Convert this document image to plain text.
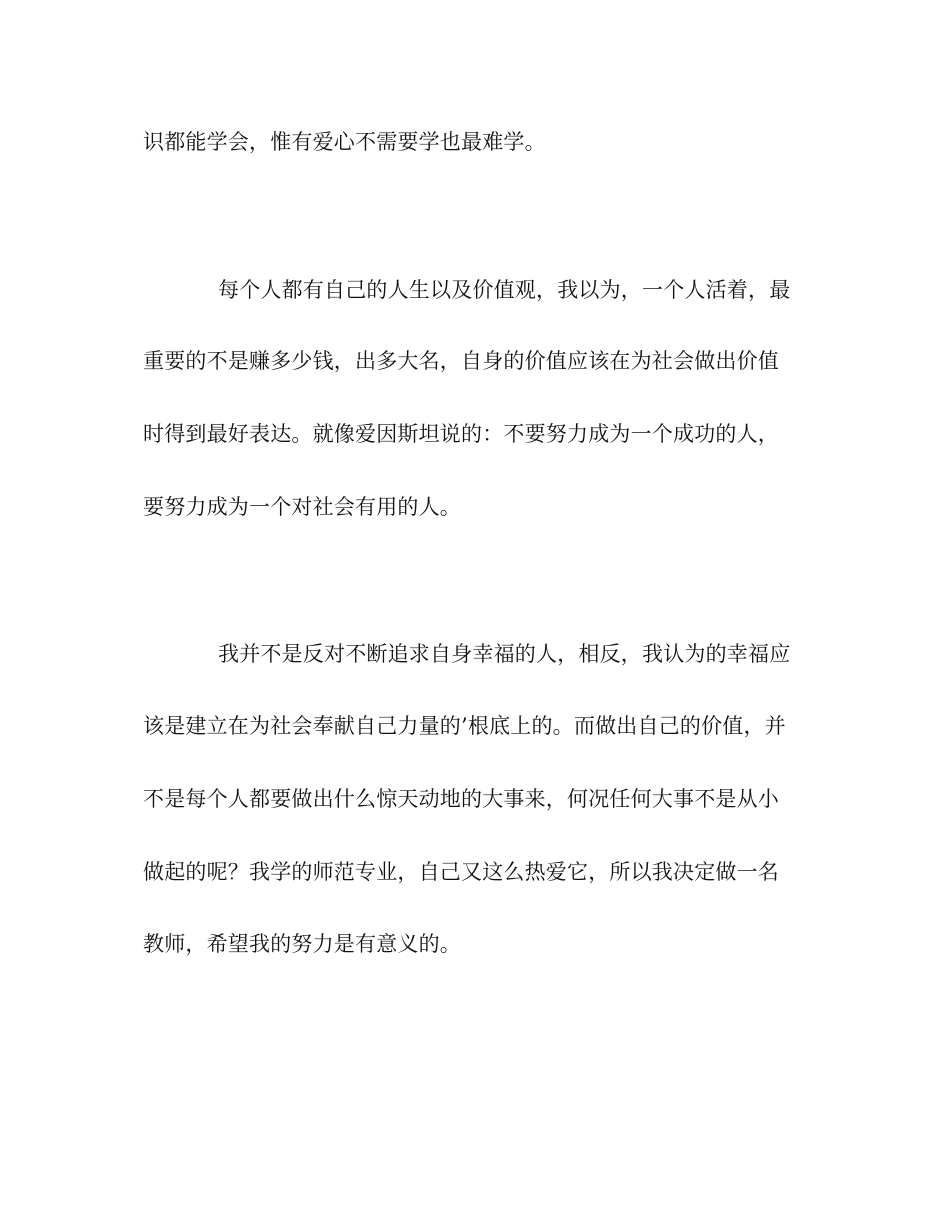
识都能学会，惟有爱心不需要学也最难学。
每个人都有自己的人生以及价值观，我以为，一个人活着，最
重要的不是赚多少钱，出多大名，自身的价值应该在为社会做出价值
时得到最好表达。就像爱因斯坦说的：不要努力成为一个成功的人，
要努力成为一个对社会有用的人。
我并不是反对不断追求自身幸福的人，相反，我认为的幸福应
该是建立在为社会奉献自己力量的’根底上的。而做出自己的价值，并
不是每个人都要做出什么惊天动地的大事来，何况任何大事不是从小
做起的呢？我学的师范专业，自己又这么热爱它，所以我决定做一名
教师，希望我的努力是有意义的。
